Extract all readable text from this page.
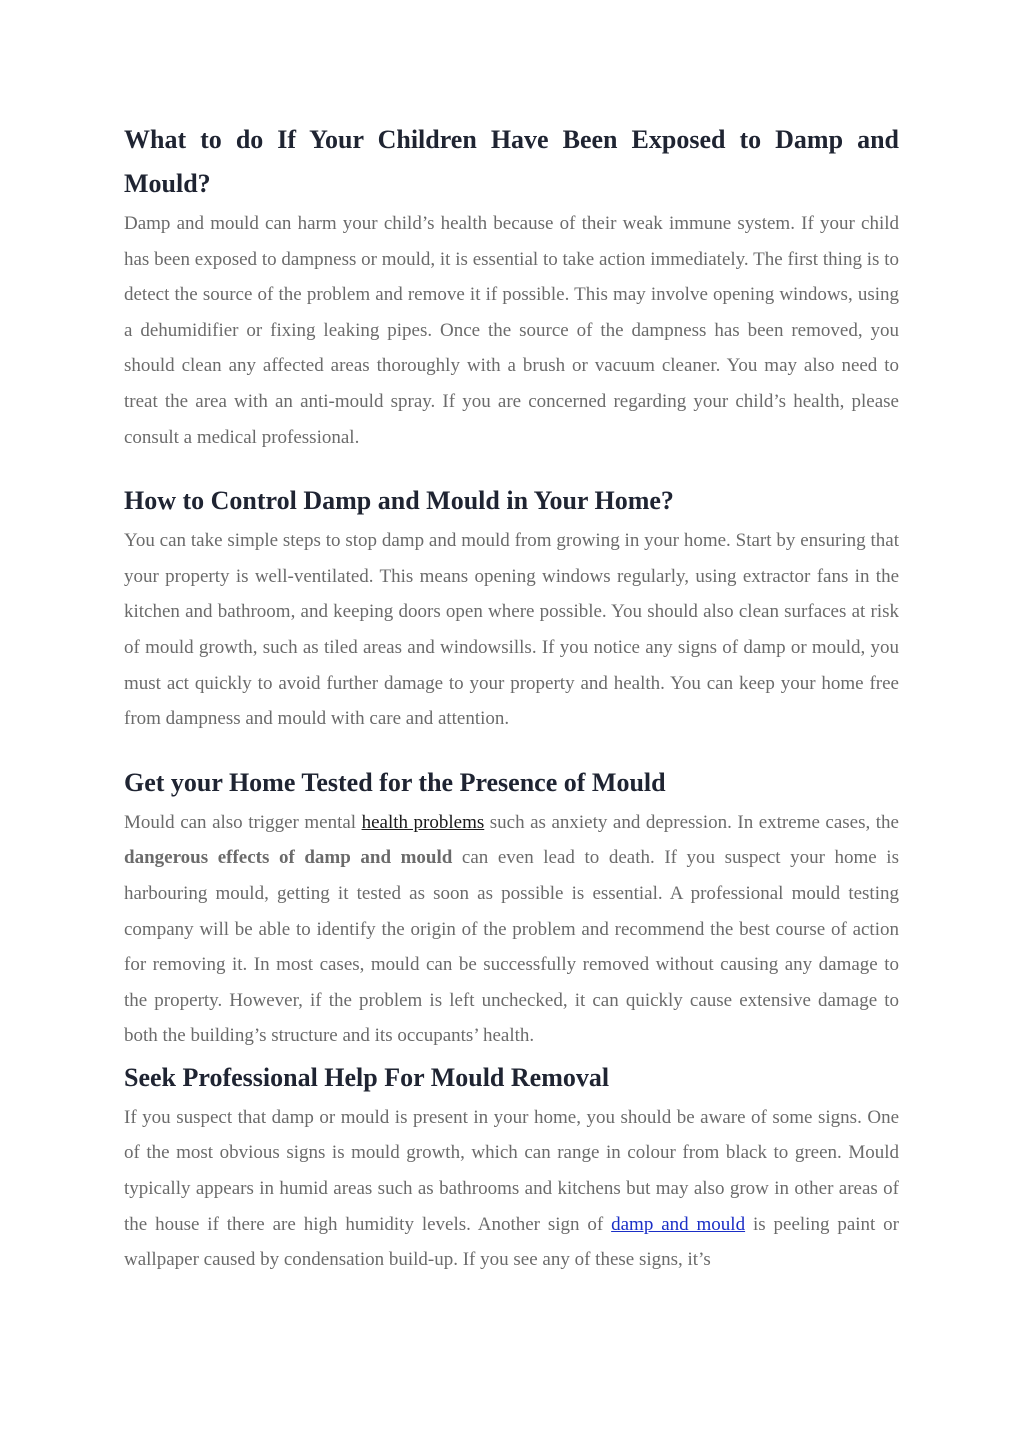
What to do If Your Children Have Been Exposed to Damp and Mould?

Damp and mould can harm your child’s health because of their weak immune system. If your child has been exposed to dampness or mould, it is essential to take action immediately. The first thing is to detect the source of the problem and remove it if possible. This may involve opening windows, using a dehumidifier or fixing leaking pipes. Once the source of the dampness has been removed, you should clean any affected areas thoroughly with a brush or vacuum cleaner. You may also need to treat the area with an anti-mould spray. If you are concerned regarding your child’s health, please consult a medical professional.

How to Control Damp and Mould in Your Home?

You can take simple steps to stop damp and mould from growing in your home. Start by ensuring that your property is well-ventilated. This means opening windows regularly, using extractor fans in the kitchen and bathroom, and keeping doors open where possible. You should also clean surfaces at risk of mould growth, such as tiled areas and windowsills. If you notice any signs of damp or mould, you must act quickly to avoid further damage to your property and health. You can keep your home free from dampness and mould with care and attention.

Get your Home Tested for the Presence of Mould

Mould can also trigger mental health problems such as anxiety and depression. In extreme cases, the dangerous effects of damp and mould can even lead to death. If you suspect your home is harbouring mould, getting it tested as soon as possible is essential. A professional mould testing company will be able to identify the origin of the problem and recommend the best course of action for removing it. In most cases, mould can be successfully removed without causing any damage to the property. However, if the problem is left unchecked, it can quickly cause extensive damage to both the building’s structure and its occupants’ health.

Seek Professional Help For Mould Removal

If you suspect that damp or mould is present in your home, you should be aware of some signs. One of the most obvious signs is mould growth, which can range in colour from black to green. Mould typically appears in humid areas such as bathrooms and kitchens but may also grow in other areas of the house if there are high humidity levels. Another sign of damp and mould is peeling paint or wallpaper caused by condensation build-up. If you see any of these signs, it’s
